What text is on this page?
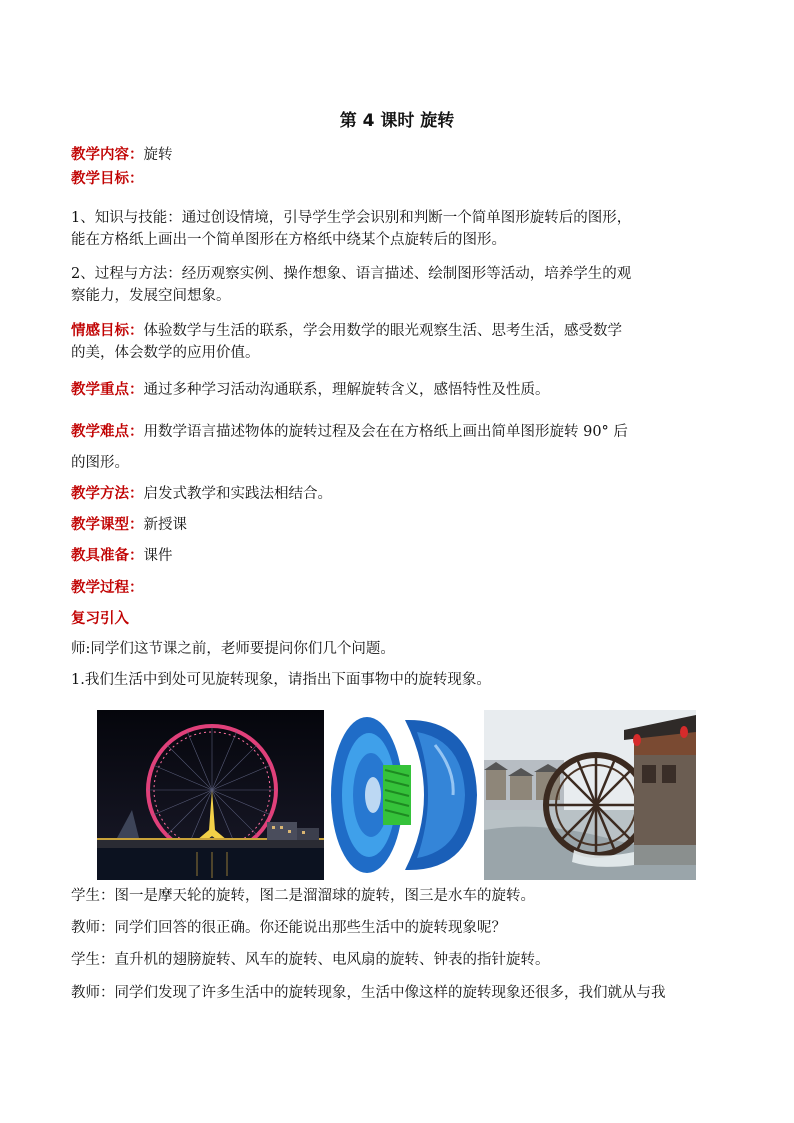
第 4 课时 旋转
教学内容：旋转
教学目标：
1、知识与技能：通过创设情境，引导学生学会识别和判断一个简单图形旋转后的图形，
能在方格纸上画出一个简单图形在方格纸中绕某个点旋转后的图形。
2、过程与方法：经历观察实例、操作想象、语言描述、绘制图形等活动，培养学生的观
察能力，发展空间想象。
情感目标：体验数学与生活的联系，学会用数学的眼光观察生活、思考生活，感受数学
的美，体会数学的应用价值。
教学重点：通过多种学习活动沟通联系，理解旋转含义，感悟特性及性质。
教学难点：用数学语言描述物体的旋转过程及会在在方格纸上画出简单图形旋转 90° 后
的图形。
教学方法：启发式教学和实践法相结合。
教学课型：新授课
教具准备：课件
教学过程：
复习引入
师:同学们这节课之前，老师要提问你们几个问题。
1.我们生活中到处可见旋转现象，请指出下面事物中的旋转现象。
学生：图一是摩天轮的旋转，图二是溜溜球的旋转，图三是水车的旋转。
教师：同学们回答的很正确。你还能说出那些生活中的旋转现象呢？
学生：直升机的翅膀旋转、风车的旋转、电风扇的旋转、钟表的指针旋转。
教师：同学们发现了许多生活中的旋转现象，生活中像这样的旋转现象还很多，我们就从与我
